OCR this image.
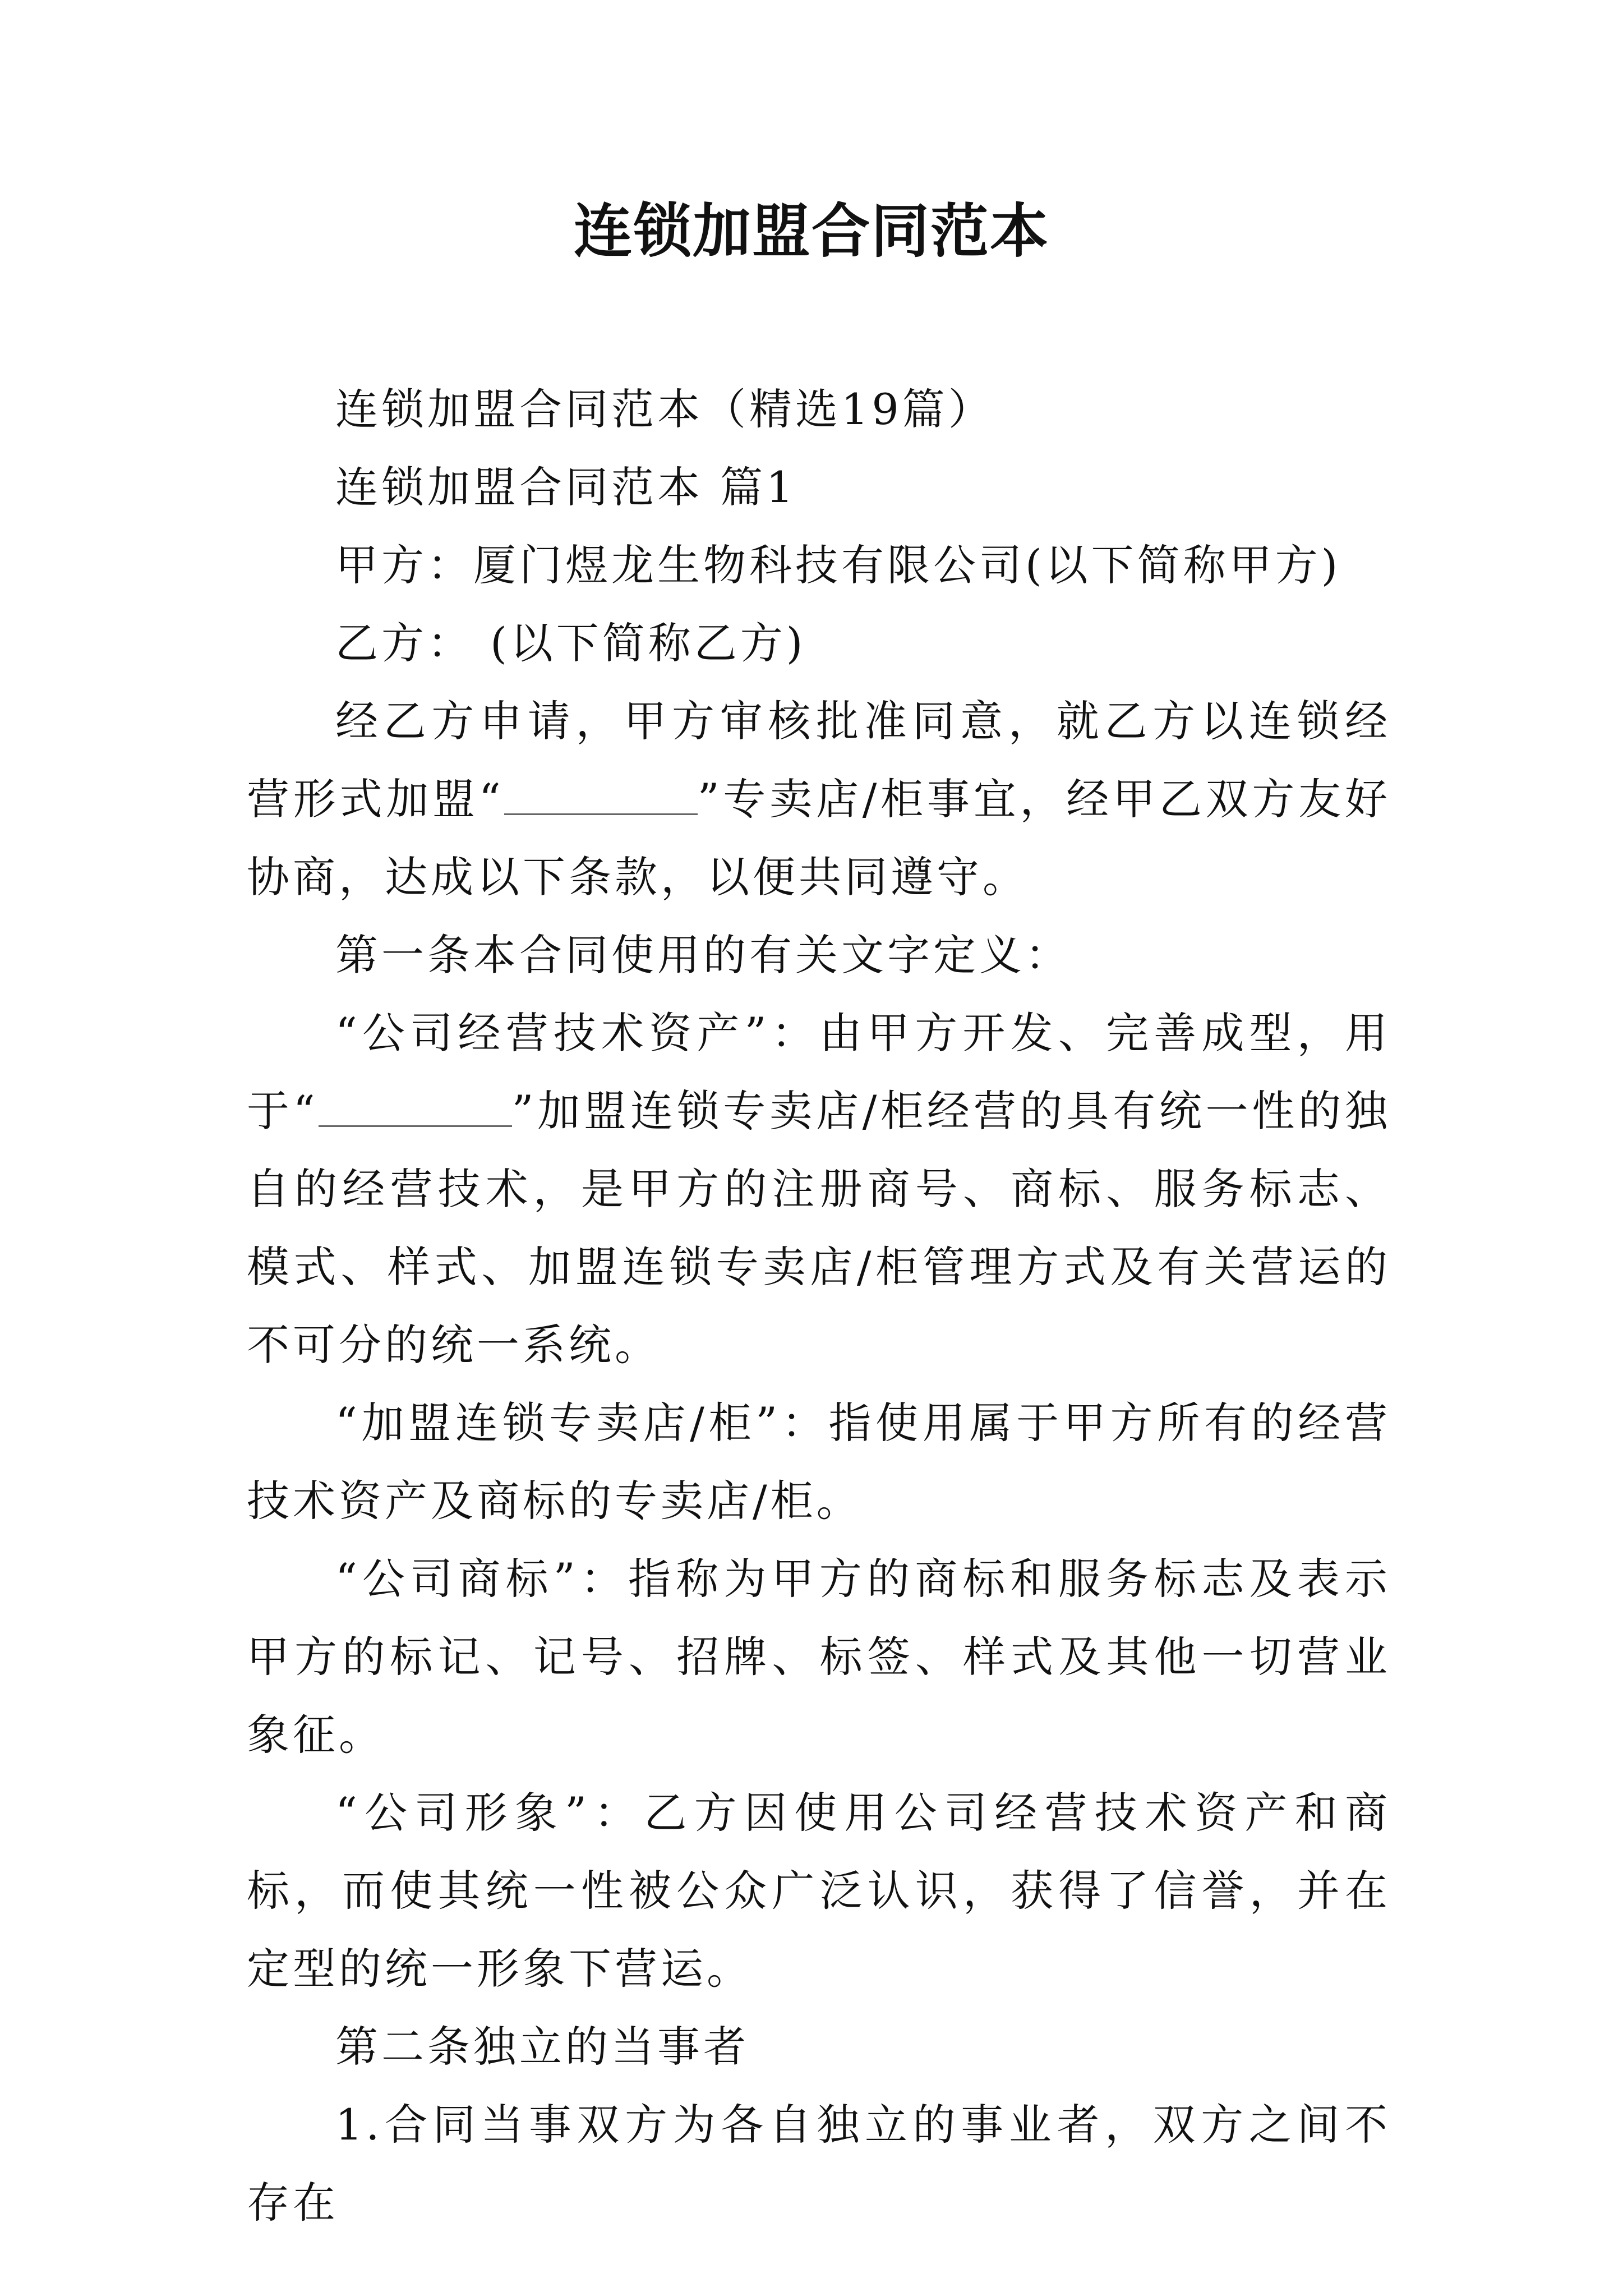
连锁加盟合同范本

连锁加盟合同范本（精选19篇）

连锁加盟合同范本 篇1

甲方：厦门煜龙生物科技有限公司(以下简称甲方)

乙方： (以下简称乙方)

经乙方申请，甲方审核批准同意，就乙方以连锁经营形式加盟“	”专卖店/柜事宜，经甲乙双方友好协商，达成以下条款，以便共同遵守。

第一条本合同使用的有关文字定义：

“公司经营技术资产”：由甲方开发、完善成型，用于“	”加盟连锁专卖店/柜经营的具有统一性的独自的经营技术，是甲方的注册商号、商标、服务标志、模式、样式、加盟连锁专卖店/柜管理方式及有关营运的不可分的统一系统。

“加盟连锁专卖店/柜”：指使用属于甲方所有的经营技术资产及商标的专卖店/柜。

“公司商标”：指称为甲方的商标和服务标志及表示甲方的标记、记号、招牌、标签、样式及其他一切营业象征。

“公司形象”：乙方因使用公司经营技术资产和商标，而使其统一性被公众广泛认识，获得了信誉，并在定型的统一形象下营运。

第二条独立的当事者

1.合同当事双方为各自独立的事业者，双方之间不存在
